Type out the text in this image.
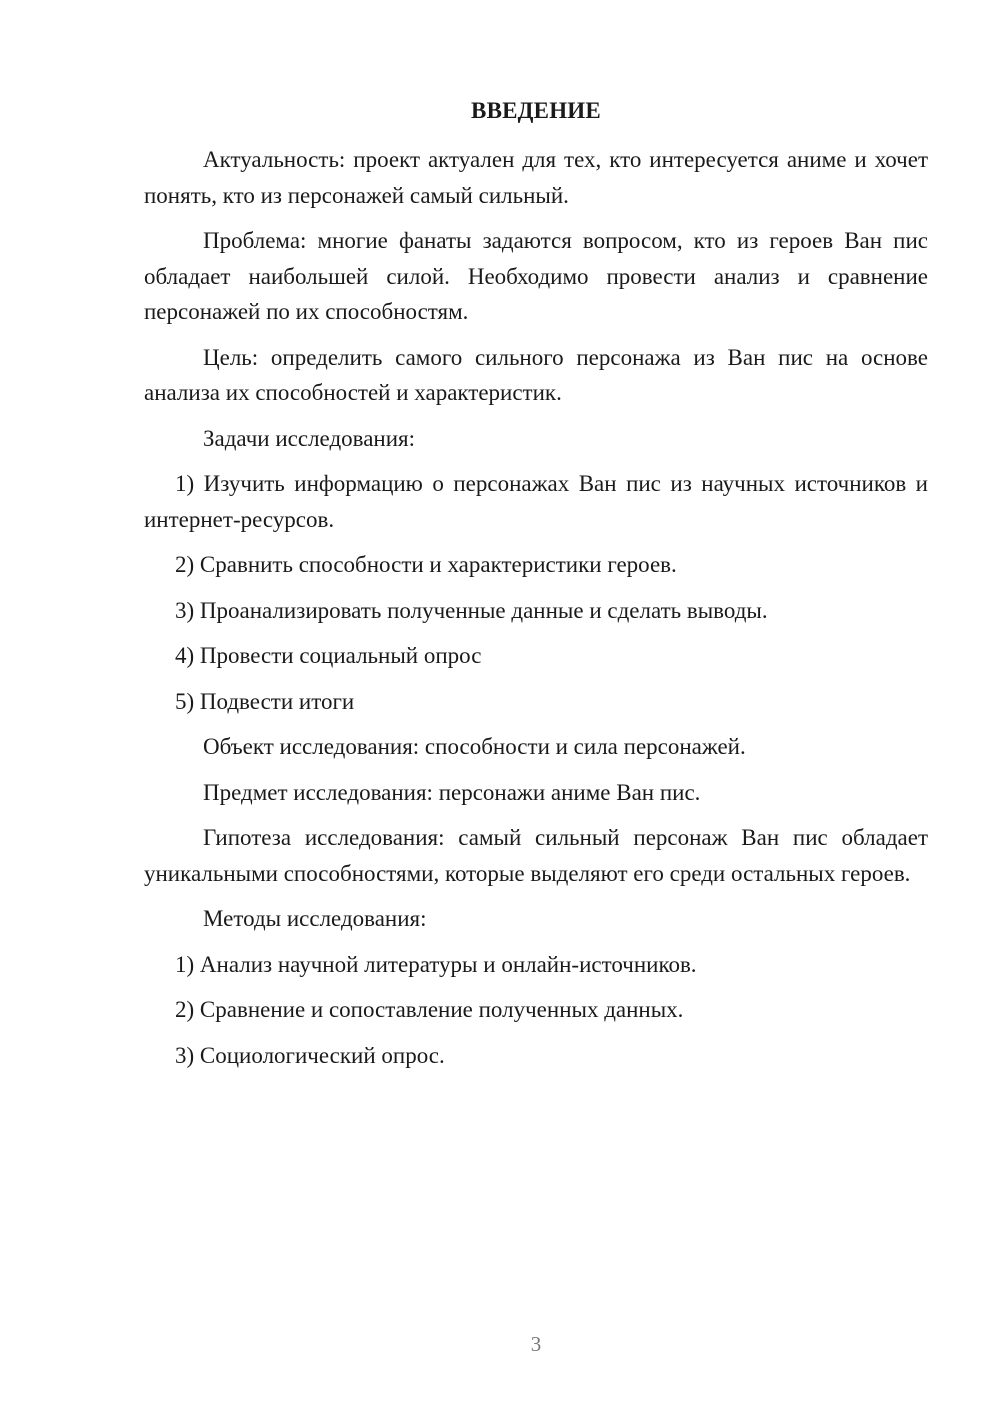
ВВЕДЕНИЕ

Актуальность: проект актуален для тех, кто интересуется аниме и хочет понять, кто из персонажей самый сильный.

Проблема: многие фанаты задаются вопросом, кто из героев Ван пис обладает наибольшей силой. Необходимо провести анализ и сравнение персонажей по их способностям.

Цель: определить самого сильного персонажа из Ван пис на основе анализа их способностей и характеристик.

Задачи исследования:

1) Изучить информацию о персонажах Ван пис из научных источников и интернет-ресурсов.

2) Сравнить способности и характеристики героев.

3) Проанализировать полученные данные и сделать выводы.

4) Провести социальный опрос

5) Подвести итоги

Объект исследования: способности и сила персонажей.

Предмет исследования: персонажи аниме Ван пис.

Гипотеза исследования: самый сильный персонаж Ван пис обладает уникальными способностями, которые выделяют его среди остальных героев.

Методы исследования:

1) Анализ научной литературы и онлайн-источников.

2) Сравнение и сопоставление полученных данных.

3) Социологический опрос.

3
